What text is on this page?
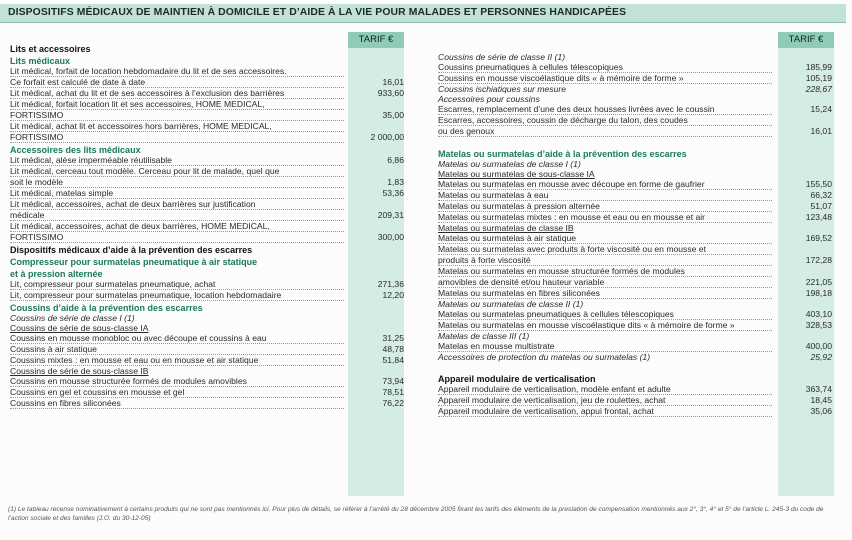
DISPOSITIFS MÉDICAUX DE MAINTIEN À DOMICILE ET D’AIDE À LA VIE POUR MALADES ET PERSONNES HANDICAPÉES
TARIF €
Lits et accessoires
Lits médicaux
Lit médical, forfait de location hebdomadaire du lit et de ses accessoires.
Ce forfait est calculé de date à date	16,01
Lit médical, achat du lit et de ses accessoires à l’exclusion des barrières	933,60
Lit médical, forfait location lit et ses accessoires, HOME MEDICAL,
FORTISSIMO	35,00
Lit médical, achat lit et accessoires hors barrières, HOME MEDICAL,
FORTISSIMO	2 000,00
Accessoires des lits médicaux
Lit médical, alèse imperméable réutilisable	6,86
Lit médical, cerceau tout modèle. Cerceau pour lit de malade, quel que
soit le modèle	1,83
Lit médical, matelas simple	53,36
Lit médical, accessoires, achat de deux barrières sur justification
médicale	209,31
Lit médical, accessoires, achat de deux barrières, HOME MEDICAL,
FORTISSIMO	300,00
Dispositifs médicaux d’aide à la prévention des escarres
Compresseur pour surmatelas pneumatique à air statique
et à pression alternée
Lit, compresseur pour surmatelas pneumatique, achat	271,36
Lit, compresseur pour surmatelas pneumatique, location hebdomadaire	12,20
Coussins d’aide à la prévention des escarres
Coussins de série de classe I (1)
Coussins de série de sous-classe IA
Coussins en mousse monobloc ou avec découpe et coussins à eau	31,25
Coussins à air statique	48,78
Coussins mixtes : en mousse et eau ou en mousse et air statique	51,84
Coussins de série de sous-classe IB
Coussins en mousse structurée formés de modules amovibles	73,94
Coussins en gel et coussins en mousse et gel	78,51
Coussins en fibres siliconées	76,22
TARIF €
Coussins de série de classe II (1)
Coussins pneumatiques à cellules télescopiques	185,99
Coussins en mousse viscoélastique dits « à mémoire de forme »	105,19
Coussins ischiatiques sur mesure	228,67
Accessoires pour coussins
Escarres, remplacement d’une des deux housses livrées avec le coussin	15,24
Escarres, accessoires, coussin de décharge du talon, des coudes
ou des genoux	16,01
Matelas ou surmatelas d’aide à la prévention des escarres
Matelas ou surmatelas de classe I (1)
Matelas ou surmatelas de sous-classe IA
Matelas ou surmatelas en mousse avec découpe en forme de gaufrier	155,50
Matelas ou surmatelas à eau	66,32
Matelas ou surmatelas à pression alternée	51,07
Matelas ou surmatelas mixtes : en mousse et eau ou en mousse et air	123,48
Matelas ou surmatelas de classe IB
Matelas ou surmatelas à air statique	169,52
Matelas ou surmatelas avec produits à forte viscosité ou en mousse et
produits à forte viscosité	172,28
Matelas ou surmatelas en mousse structurée formés de modules
amovibles de densité et/ou hauteur variable	221,05
Matelas ou surmatelas en fibres siliconées	198,18
Matelas ou surmatelas de classe II (1)
Matelas ou surmatelas pneumatiques à cellules télescopiques	403,10
Matelas ou surmatelas en mousse viscoélastique dits « à mémoire de forme »	328,53
Matelas de classe III (1)
Matelas en mousse multistrate	400,00
Accessoires de protection du matelas ou surmatelas (1)	25,92
Appareil modulaire de verticalisation
Appareil modulaire de verticalisation, modèle enfant et adulte	363,74
Appareil modulaire de verticalisation, jeu de roulettes, achat	18,45
Appareil modulaire de verticalisation, appui frontal, achat	35,06
(1) Le tableau recense nominativement à certains produits qui ne sont pas mentionnés ici. Pour plus de détails, se référer à l’arrêté du 28 décembre 2005 fixant les tarifs des éléments de la prestation de compensation mentionnés aux 2°, 3°, 4° et 5° de l’article L. 245-3 du code de l’action sociale et des familles (J.O. du 30-12-05)
